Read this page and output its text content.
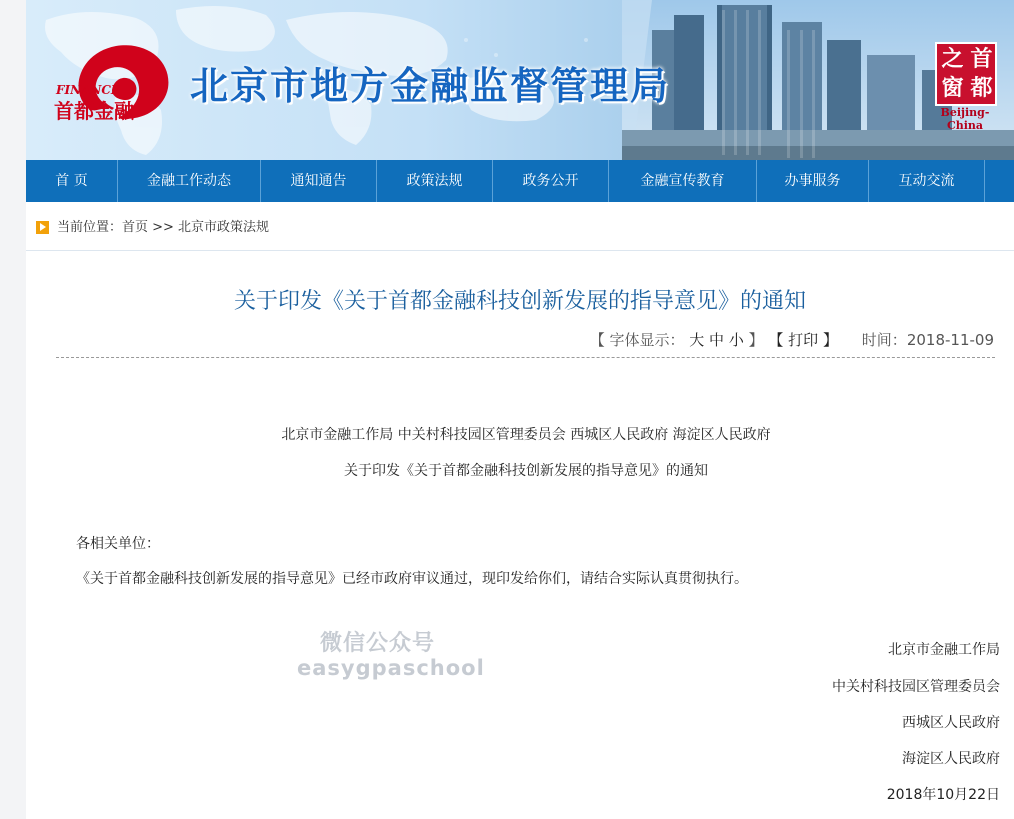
FINANCE
首都金融
北京市地方金融监督管理局
之 首
窗 都
Beijing-China
首 页	金融工作动态	通知通告	政策法规	政务公开	金融宣传教育	办事服务	互动交流
当前位置：首页 >> 北京市政策法规
关于印发《关于首都金融科技创新发展的指导意见》的通知
【 字体显示： 大 中 小 】 【 打印 】 时间：2018-11-09
北京市金融工作局 中关村科技园区管理委员会 西城区人民政府 海淀区人民政府
关于印发《关于首都金融科技创新发展的指导意见》的通知
各相关单位：
《关于首都金融科技创新发展的指导意见》已经市政府审议通过，现印发给你们，请结合实际认真贯彻执行。
微信公众号
easygpaschool
北京市金融工作局
中关村科技园区管理委员会
西城区人民政府
海淀区人民政府
2018年10月22日
